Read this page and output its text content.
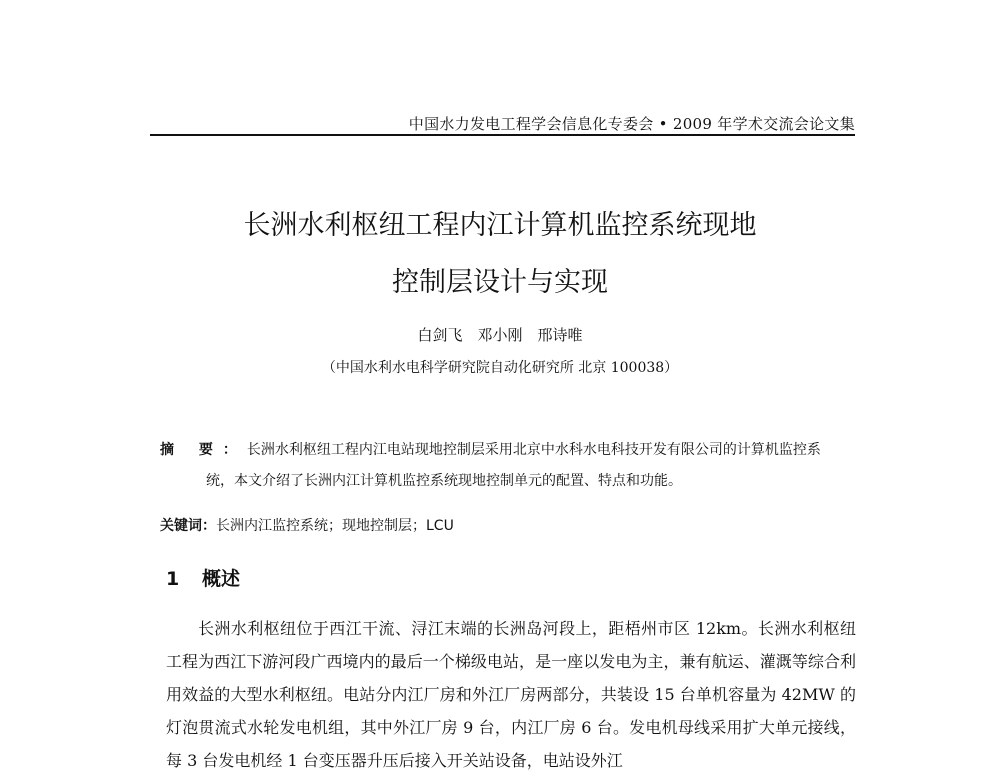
中国水力发电工程学会信息化专委会 • 2009 年学术交流会论文集
长洲水利枢纽工程内江计算机监控系统现地
控制层设计与实现
白剑飞　邓小刚　邢诗唯
（中国水利水电科学研究院自动化研究所 北京 100038）
摘 要：长洲水利枢纽工程内江电站现地控制层采用北京中水科水电科技开发有限公司的计算机监控系
统，本文介绍了长洲内江计算机监控系统现地控制单元的配置、特点和功能。
关键词：长洲内江监控系统；现地控制层；LCU
1 概述

长洲水利枢纽位于西江干流、浔江末端的长洲岛河段上，距梧州市区 12km。长洲水利枢纽工程为西江下游河段广西境内的最后一个梯级电站，是一座以发电为主，兼有航运、灌溉等综合利用效益的大型水利枢纽。电站分内江厂房和外江厂房两部分，共装设 15 台单机容量为 42MW 的灯泡贯流式水轮发电机组，其中外江厂房 9 台，内江厂房 6 台。发电机母线采用扩大单元接线，每 3 台发电机经 1 台变压器升压后接入开关站设备，电站设外江
